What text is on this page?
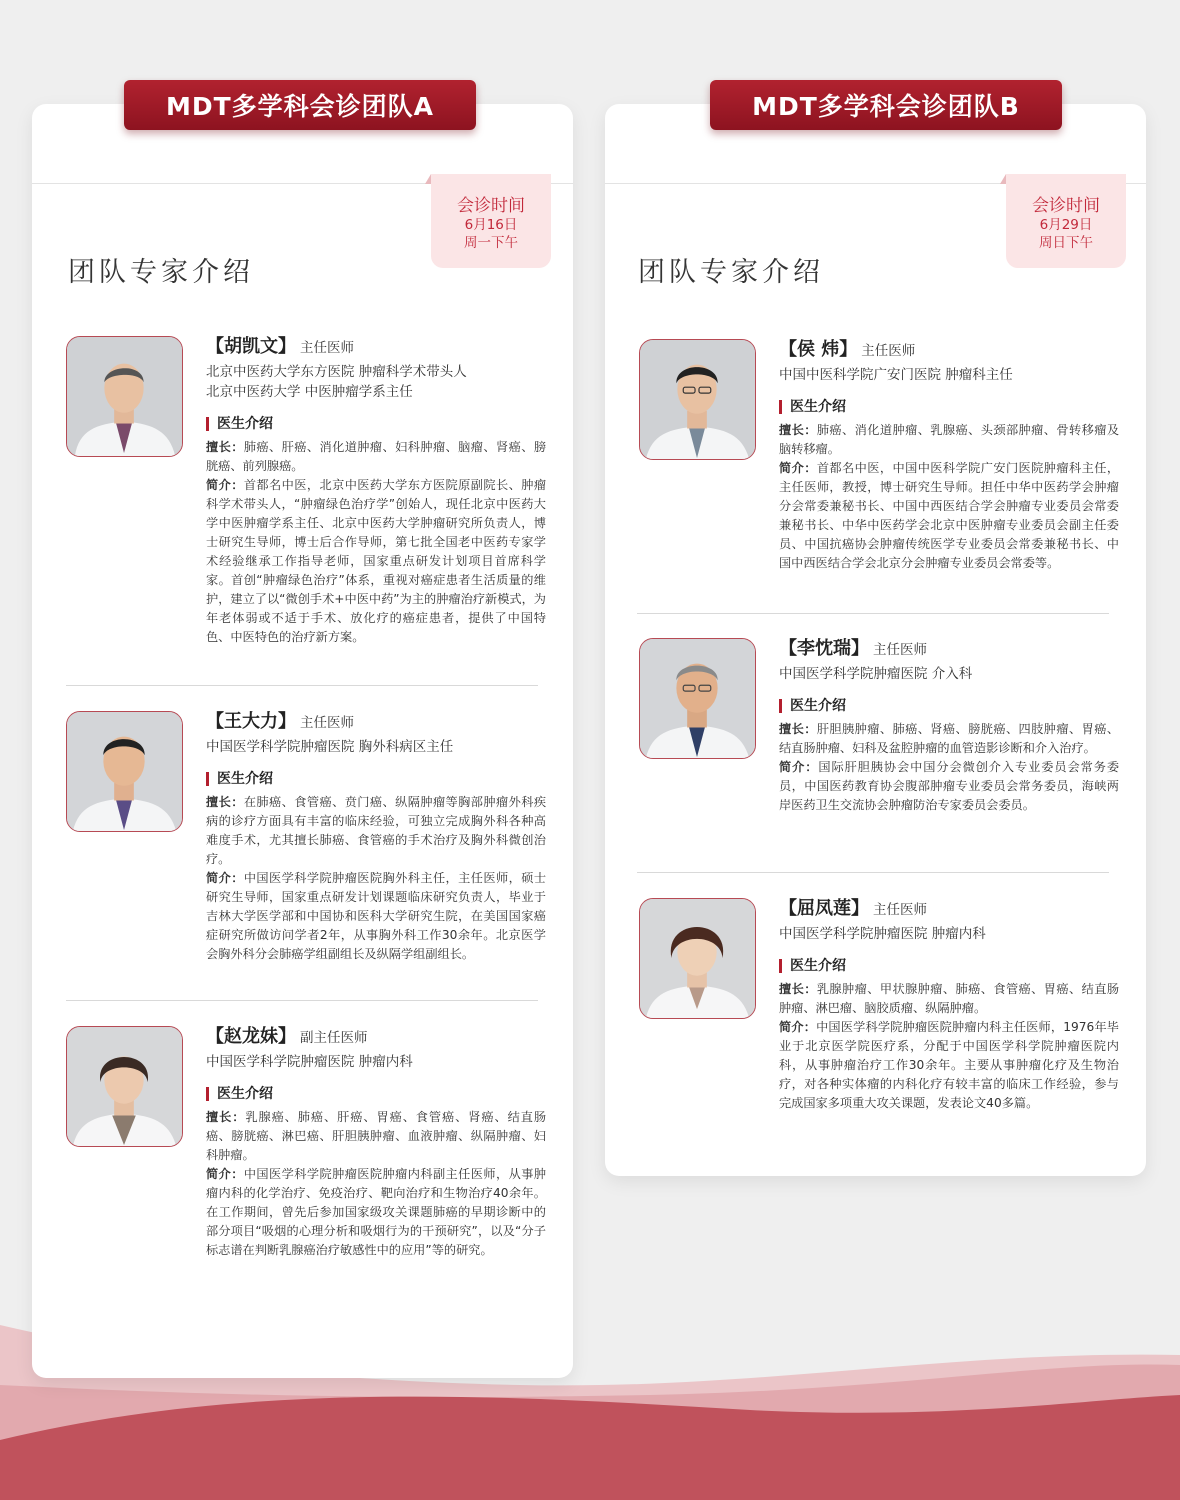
MDT多学科会诊团队A
会诊时间
6月16日
周一下午
团队专家介绍
【胡凯文】 主任医师
北京中医药大学东方医院 肿瘤科学术带头人
北京中医药大学 中医肿瘤学系主任
医生介绍
擅长：肺癌、肝癌、消化道肿瘤、妇科肿瘤、脑瘤、肾癌、膀胱癌、前列腺癌。
简介：首都名中医，北京中医药大学东方医院原副院长、肿瘤科学术带头人，“肿瘤绿色治疗学”创始人，现任北京中医药大学中医肿瘤学系主任、北京中医药大学肿瘤研究所负责人，博士研究生导师，博士后合作导师，第七批全国老中医药专家学术经验继承工作指导老师，国家重点研发计划项目首席科学家。首创“肿瘤绿色治疗”体系，重视对癌症患者生活质量的维护，建立了以“微创手术+中医中药”为主的肿瘤治疗新模式，为年老体弱或不适于手术、放化疗的癌症患者，提供了中国特色、中医特色的治疗新方案。
【王大力】 主任医师
中国医学科学院肿瘤医院 胸外科病区主任
医生介绍
擅长：在肺癌、食管癌、贲门癌、纵隔肿瘤等胸部肿瘤外科疾病的诊疗方面具有丰富的临床经验，可独立完成胸外科各种高难度手术，尤其擅长肺癌、食管癌的手术治疗及胸外科微创治疗。
简介：中国医学科学院肿瘤医院胸外科主任，主任医师，硕士研究生导师，国家重点研发计划课题临床研究负责人，毕业于吉林大学医学部和中国协和医科大学研究生院，在美国国家癌症研究所做访问学者2年，从事胸外科工作30余年。北京医学会胸外科分会肺癌学组副组长及纵隔学组副组长。
【赵龙妹】 副主任医师
中国医学科学院肿瘤医院 肿瘤内科
医生介绍
擅长：乳腺癌、肺癌、肝癌、胃癌、食管癌、肾癌、结直肠癌、膀胱癌、淋巴癌、肝胆胰肿瘤、血液肿瘤、纵隔肿瘤、妇科肿瘤。
简介：中国医学科学院肿瘤医院肿瘤内科副主任医师，从事肿瘤内科的化学治疗、免疫治疗、靶向治疗和生物治疗40余年。在工作期间，曾先后参加国家级攻关课题肺癌的早期诊断中的部分项目“吸烟的心理分析和吸烟行为的干预研究”，以及“分子标志谱在判断乳腺癌治疗敏感性中的应用”等的研究。
MDT多学科会诊团队B
会诊时间
6月29日
周日下午
团队专家介绍
【侯 炜】 主任医师
中国中医科学院广安门医院 肿瘤科主任
医生介绍
擅长：肺癌、消化道肿瘤、乳腺癌、头颈部肿瘤、骨转移瘤及脑转移瘤。
简介：首都名中医，中国中医科学院广安门医院肿瘤科主任，主任医师，教授，博士研究生导师。担任中华中医药学会肿瘤分会常委兼秘书长、中国中西医结合学会肿瘤专业委员会常委兼秘书长、中华中医药学会北京中医肿瘤专业委员会副主任委员、中国抗癌协会肿瘤传统医学专业委员会常委兼秘书长、中国中西医结合学会北京分会肿瘤专业委员会常委等。
【李忱瑞】 主任医师
中国医学科学院肿瘤医院 介入科
医生介绍
擅长：肝胆胰肿瘤、肺癌、肾癌、膀胱癌、四肢肿瘤、胃癌、结直肠肿瘤、妇科及盆腔肿瘤的血管造影诊断和介入治疗。
简介：国际肝胆胰协会中国分会微创介入专业委员会常务委员，中国医药教育协会腹部肿瘤专业委员会常务委员，海峡两岸医药卫生交流协会肿瘤防治专家委员会委员。
【屈凤莲】 主任医师
中国医学科学院肿瘤医院 肿瘤内科
医生介绍
擅长：乳腺肿瘤、甲状腺肿瘤、肺癌、食管癌、胃癌、结直肠肿瘤、淋巴瘤、脑胶质瘤、纵隔肿瘤。
简介：中国医学科学院肿瘤医院肿瘤内科主任医师，1976年毕业于北京医学院医疗系，分配于中国医学科学院肿瘤医院内科，从事肿瘤治疗工作30余年。主要从事肿瘤化疗及生物治疗，对各种实体瘤的内科化疗有较丰富的临床工作经验，参与完成国家多项重大攻关课题，发表论文40多篇。
